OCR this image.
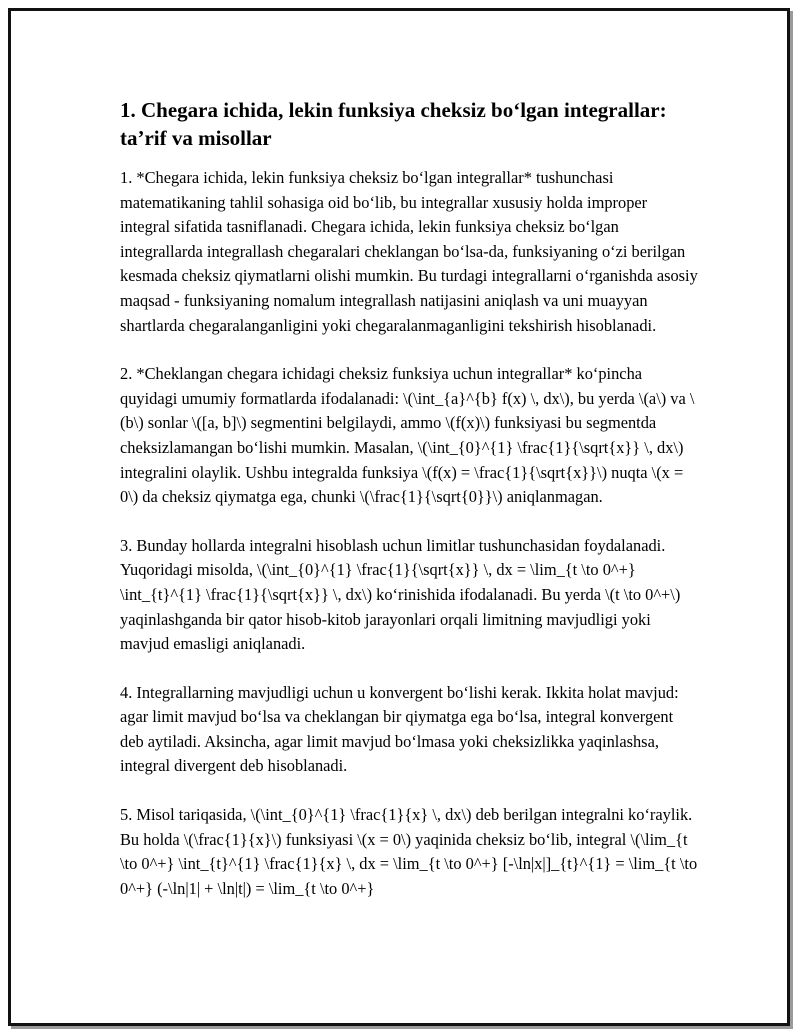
1. Chegara ichida, lekin funksiya cheksiz bo‘lgan integrallar: ta’rif va misollar

1. *Chegara ichida, lekin funksiya cheksiz bo‘lgan integrallar* tushunchasi matematikaning tahlil sohasiga oid bo‘lib, bu integrallar xususiy holda improper integral sifatida tasniflanadi. Chegara ichida, lekin funksiya cheksiz bo‘lgan integrallarda integrallash chegaralari cheklangan bo‘lsa-da, funksiyaning o‘zi berilgan kesmada cheksiz qiymatlarni olishi mumkin. Bu turdagi integrallarni o‘rganishda asosiy maqsad - funksiyaning nomalum integrallash natijasini aniqlash va uni muayyan shartlarda chegaralanganligini yoki chegaralanmaganligini tekshirish hisoblanadi.

2. *Cheklangan chegara ichidagi cheksiz funksiya uchun integrallar* ko‘pincha quyidagi umumiy formatlarda ifodalanadi: \(\int_{a}^{b} f(x) \, dx\), bu yerda \(a\) va \(b\) sonlar \([a, b]\) segmentini belgilaydi, ammo \(f(x)\) funksiyasi bu segmentda cheksizlamangan bo‘lishi mumkin. Masalan, \(\int_{0}^{1} \frac{1}{\sqrt{x}} \, dx\) integralini olaylik. Ushbu integralda funksiya \(f(x) = \frac{1}{\sqrt{x}}\) nuqta \(x = 0\) da cheksiz qiymatga ega, chunki \(\frac{1}{\sqrt{0}}\) aniqlanmagan.

3. Bunday hollarda integralni hisoblash uchun limitlar tushunchasidan foydalanadi. Yuqoridagi misolda, \(\int_{0}^{1} \frac{1}{\sqrt{x}} \, dx = \lim_{t \to 0^+} \int_{t}^{1} \frac{1}{\sqrt{x}} \, dx\) ko‘rinishida ifodalanadi. Bu yerda \(t \to 0^+\) yaqinlashganda bir qator hisob-kitob jarayonlari orqali limitning mavjudligi yoki mavjud emasligi aniqlanadi.

4. Integrallarning mavjudligi uchun u konvergent bo‘lishi kerak. Ikkita holat mavjud: agar limit mavjud bo‘lsa va cheklangan bir qiymatga ega bo‘lsa, integral konvergent deb aytiladi. Aksincha, agar limit mavjud bo‘lmasa yoki cheksizlikka yaqinlashsa, integral divergent deb hisoblanadi.

5. Misol tariqasida, \(\int_{0}^{1} \frac{1}{x} \, dx\) deb berilgan integralni ko‘raylik. Bu holda \(\frac{1}{x}\) funksiyasi \(x = 0\) yaqinida cheksiz bo‘lib, integral \(\lim_{t \to 0^+} \int_{t}^{1} \frac{1}{x} \, dx = \lim_{t \to 0^+} [-\ln|x|]_{t}^{1} = \lim_{t \to 0^+} (-\ln|1| + \ln|t|) = \lim_{t \to 0^+}
